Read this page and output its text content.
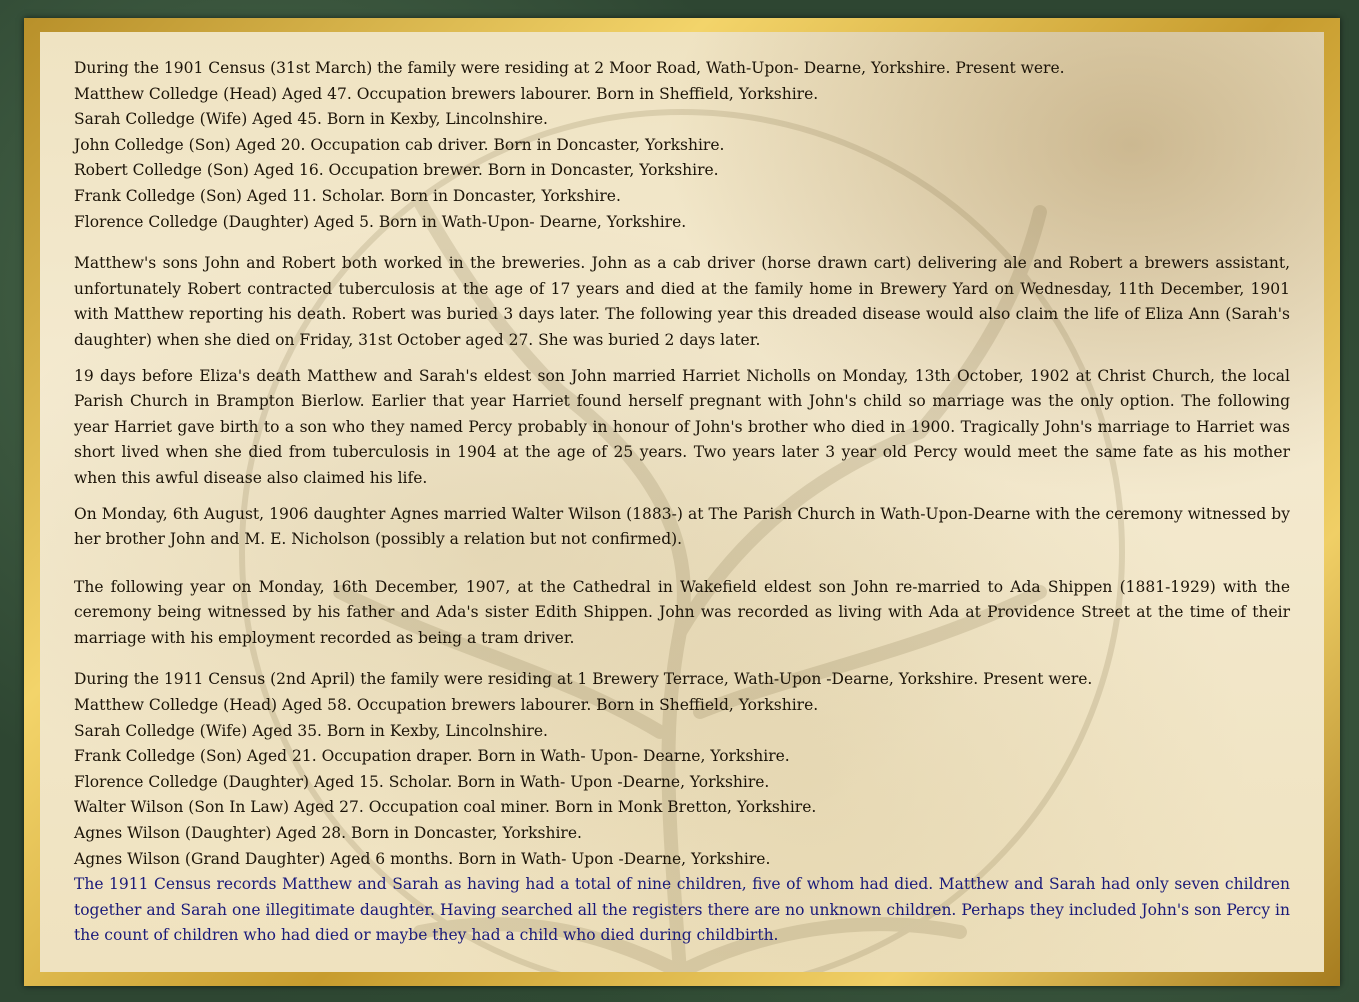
During the 1901 Census (31st March) the family were residing at 2 Moor Road, Wath-Upon- Dearne, Yorkshire. Present were.
Matthew Colledge (Head) Aged 47. Occupation brewers labourer. Born in Sheffield, Yorkshire.
Sarah Colledge (Wife) Aged 45. Born in Kexby, Lincolnshire.
John Colledge (Son) Aged 20. Occupation cab driver. Born in Doncaster, Yorkshire.
Robert Colledge (Son) Aged 16. Occupation brewer. Born in Doncaster, Yorkshire.
Frank Colledge (Son) Aged 11. Scholar. Born in Doncaster, Yorkshire.
Florence Colledge (Daughter) Aged 5. Born in Wath-Upon- Dearne, Yorkshire.

Matthew's sons John and Robert both worked in the breweries. John as a cab driver (horse drawn cart) delivering ale and Robert a brewers assistant, unfortunately Robert contracted tuberculosis at the age of 17 years and died at the family home in Brewery Yard on Wednesday, 11th December, 1901 with Matthew reporting his death. Robert was buried 3 days later. The following year this dreaded disease would also claim the life of Eliza Ann (Sarah's daughter) when she died on Friday, 31st October aged 27. She was buried 2 days later.

19 days before Eliza's death Matthew and Sarah's eldest son John married Harriet Nicholls on Monday, 13th October, 1902 at Christ Church, the local Parish Church in Brampton Bierlow. Earlier that year Harriet found herself pregnant with John's child so marriage was the only option. The following year Harriet gave birth to a son who they named Percy probably in honour of John's brother who died in 1900. Tragically John's marriage to Harriet was short lived when she died from tuberculosis in 1904 at the age of 25 years. Two years later 3 year old Percy would meet the same fate as his mother when this awful disease also claimed his life.

On Monday, 6th August, 1906 daughter Agnes married Walter Wilson (1883-) at The Parish Church in Wath-Upon-Dearne with the ceremony witnessed by her brother John and M. E. Nicholson (possibly a relation but not confirmed).

The following year on Monday, 16th December, 1907, at the Cathedral in Wakefield eldest son John re-married to Ada Shippen (1881-1929) with the ceremony being witnessed by his father and Ada's sister Edith Shippen. John was recorded as living with Ada at Providence Street at the time of their marriage with his employment recorded as being a tram driver.

During the 1911 Census (2nd April) the family were residing at 1 Brewery Terrace, Wath-Upon -Dearne, Yorkshire. Present were.
Matthew Colledge (Head) Aged 58. Occupation brewers labourer. Born in Sheffield, Yorkshire.
Sarah Colledge (Wife) Aged 35. Born in Kexby, Lincolnshire.
Frank Colledge (Son) Aged 21. Occupation draper. Born in Wath- Upon- Dearne, Yorkshire.
Florence Colledge (Daughter) Aged 15. Scholar. Born in Wath- Upon -Dearne, Yorkshire.
Walter Wilson (Son In Law) Aged 27. Occupation coal miner. Born in Monk Bretton, Yorkshire.
Agnes Wilson (Daughter) Aged 28. Born in Doncaster, Yorkshire.
Agnes Wilson (Grand Daughter) Aged 6 months. Born in Wath- Upon -Dearne, Yorkshire.

The 1911 Census records Matthew and Sarah as having had a total of nine children, five of whom had died. Matthew and Sarah had only seven children together and Sarah one illegitimate daughter. Having searched all the registers there are no unknown children. Perhaps they included John's son Percy in the count of children who had died or maybe they had a child who died during childbirth.
